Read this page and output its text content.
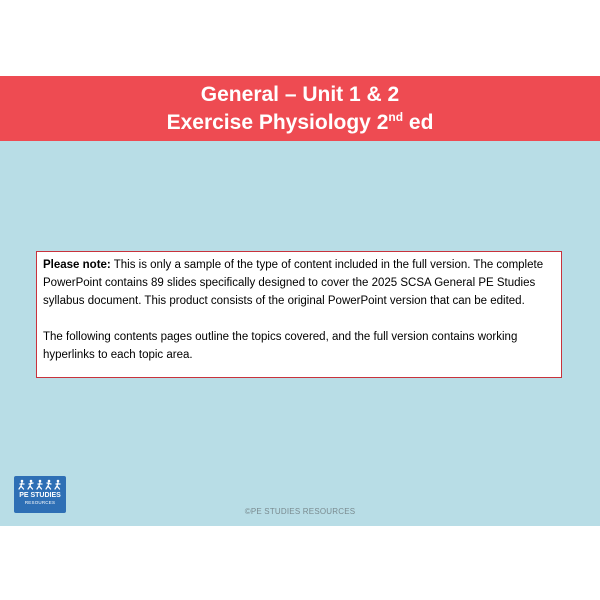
General – Unit 1 & 2
Exercise Physiology 2nd ed

Please note: This is only a sample of the type of content included in the full version. The complete PowerPoint contains 89 slides specifically designed to cover the 2025 SCSA General PE Studies syllabus document. This product consists of the original PowerPoint version that can be edited.

The following contents pages outline the topics covered, and the full version contains working hyperlinks to each topic area.

PE STUDIES
RESOURCES
©PE STUDIES RESOURCES
